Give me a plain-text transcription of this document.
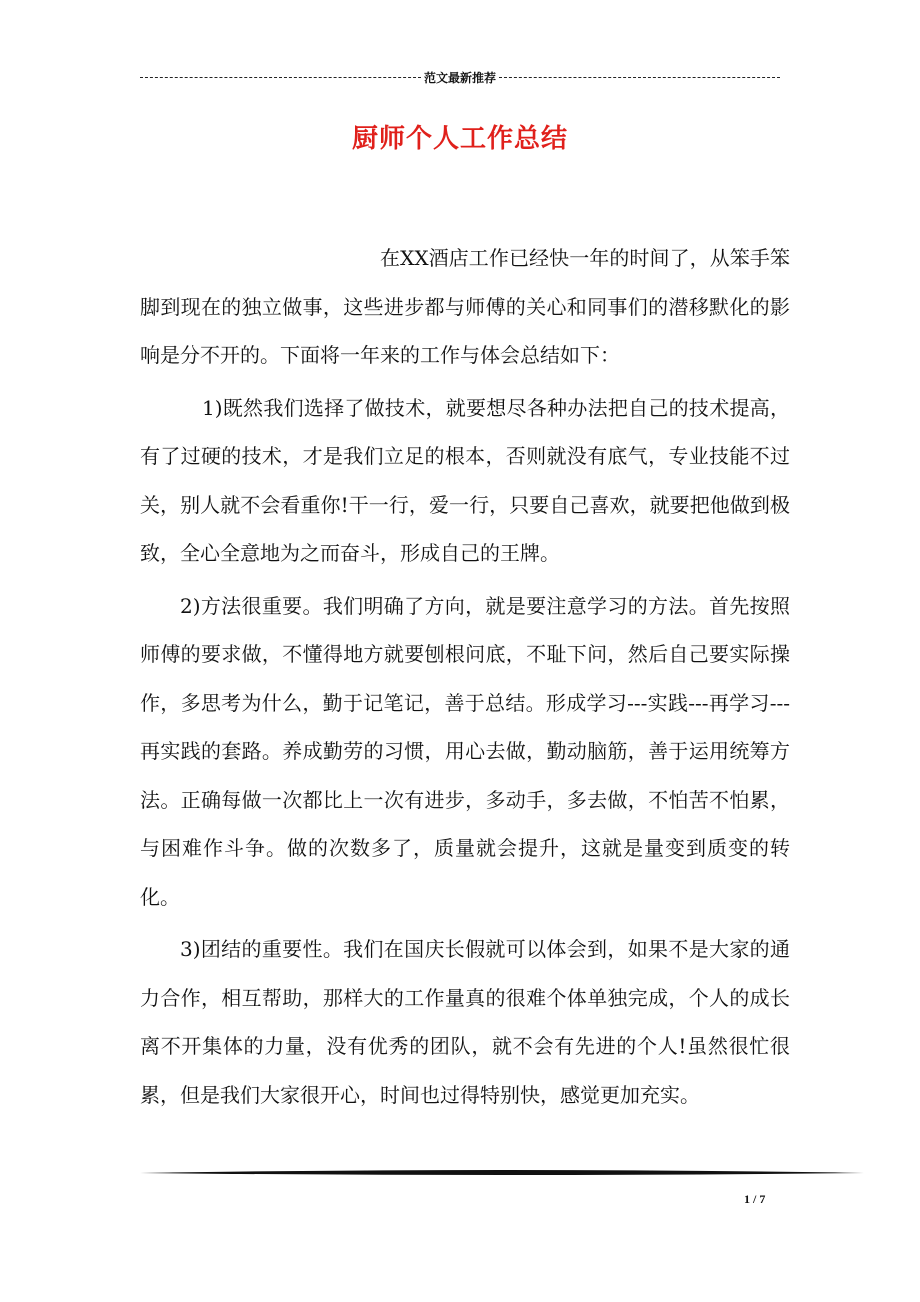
范文最新推荐
厨师个人工作总结

在XX酒店工作已经快一年的时间了，从笨手笨脚到现在的独立做事，这些进步都与师傅的关心和同事们的潜移默化的影响是分不开的。下面将一年来的工作与体会总结如下：

1)既然我们选择了做技术，就要想尽各种办法把自己的技术提高，有了过硬的技术，才是我们立足的根本，否则就没有底气，专业技能不过关，别人就不会看重你!干一行，爱一行，只要自己喜欢，就要把他做到极致，全心全意地为之而奋斗，形成自己的王牌。

2)方法很重要。我们明确了方向，就是要注意学习的方法。首先按照师傅的要求做，不懂得地方就要刨根问底，不耻下问，然后自己要实际操作，多思考为什么，勤于记笔记，善于总结。形成学习---实践---再学习---再实践的套路。养成勤劳的习惯，用心去做，勤动脑筋，善于运用统筹方法。正确每做一次都比上一次有进步，多动手，多去做，不怕苦不怕累，与困难作斗争。做的次数多了，质量就会提升，这就是量变到质变的转化。

3)团结的重要性。我们在国庆长假就可以体会到，如果不是大家的通力合作，相互帮助，那样大的工作量真的很难个体单独完成，个人的成长离不开集体的力量，没有优秀的团队，就不会有先进的个人!虽然很忙很累，但是我们大家很开心，时间也过得特别快，感觉更加充实。

1 / 7
